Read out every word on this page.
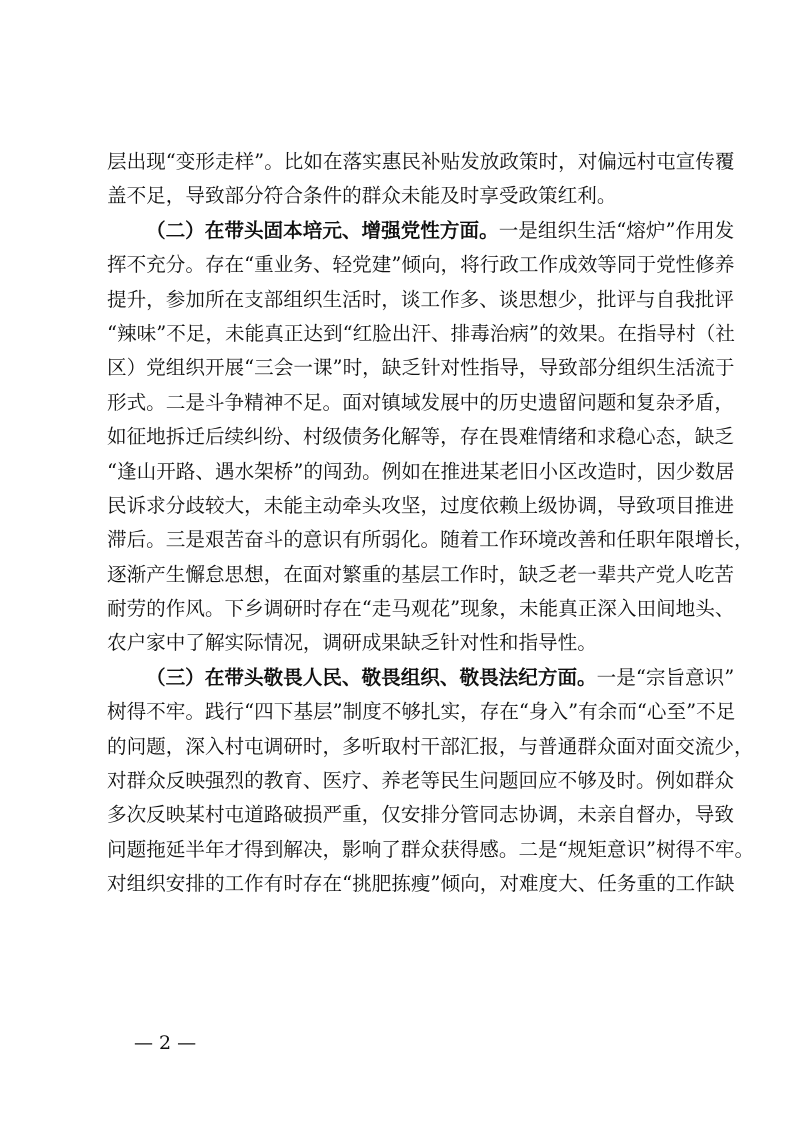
层出现“变形走样”。比如在落实惠民补贴发放政策时，对偏远村屯宣传覆
盖不足，导致部分符合条件的群众未能及时享受政策红利。
（二）在带头固本培元、增强党性方面。一是组织生活“熔炉”作用发
挥不充分。存在“重业务、轻党建”倾向，将行政工作成效等同于党性修养
提升，参加所在支部组织生活时，谈工作多、谈思想少，批评与自我批评
“辣味”不足，未能真正达到“红脸出汗、排毒治病”的效果。在指导村（社
区）党组织开展“三会一课”时，缺乏针对性指导，导致部分组织生活流于
形式。二是斗争精神不足。面对镇域发展中的历史遗留问题和复杂矛盾，
如征地拆迁后续纠纷、村级债务化解等，存在畏难情绪和求稳心态，缺乏
“逢山开路、遇水架桥”的闯劲。例如在推进某老旧小区改造时，因少数居
民诉求分歧较大，未能主动牵头攻坚，过度依赖上级协调，导致项目推进
滞后。三是艰苦奋斗的意识有所弱化。随着工作环境改善和任职年限增长，
逐渐产生懈怠思想，在面对繁重的基层工作时，缺乏老一辈共产党人吃苦
耐劳的作风。下乡调研时存在“走马观花”现象，未能真正深入田间地头、
农户家中了解实际情况，调研成果缺乏针对性和指导性。
（三）在带头敬畏人民、敬畏组织、敬畏法纪方面。一是“宗旨意识”
树得不牢。践行“四下基层”制度不够扎实，存在“身入”有余而“心至”不足
的问题，深入村屯调研时，多听取村干部汇报，与普通群众面对面交流少，
对群众反映强烈的教育、医疗、养老等民生问题回应不够及时。例如群众
多次反映某村屯道路破损严重，仅安排分管同志协调，未亲自督办，导致
问题拖延半年才得到解决，影响了群众获得感。二是“规矩意识”树得不牢。
对组织安排的工作有时存在“挑肥拣瘦”倾向，对难度大、任务重的工作缺
— 2 —
